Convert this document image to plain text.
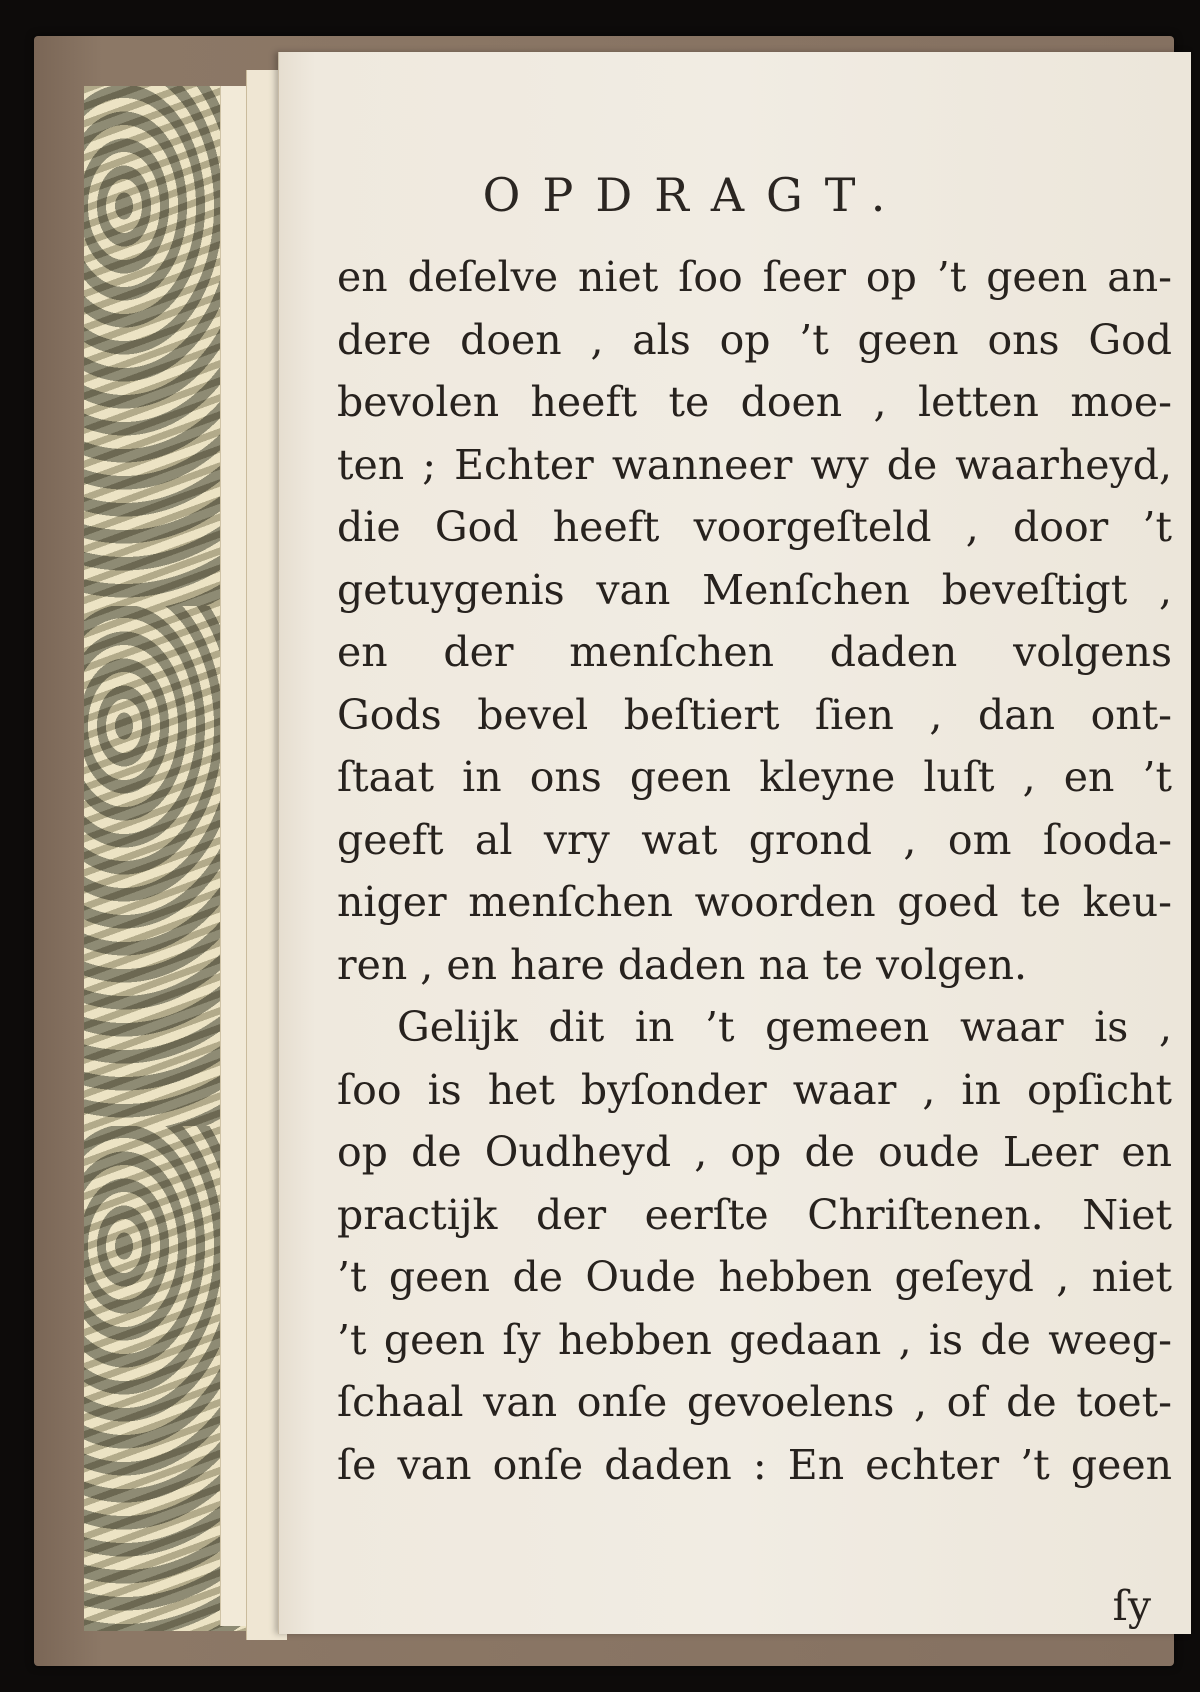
OPDRAGT.
en deſelve niet ſoo ſeer op ’t geen an-
dere doen , als op ’t geen ons God
bevolen heeft te doen , letten moe-
ten ; Echter wanneer wy de waarheyd,
die God heeft voorgeſteld , door ’t
getuygenis van Menſchen beveſtigt ,
en der menſchen daden volgens
Gods bevel beſtiert ſien , dan ont-
ſtaat in ons geen kleyne luſt , en ’t
geeft al vry wat grond , om ſooda-
niger menſchen woorden goed te keu-
ren , en hare daden na te volgen.
Gelijk dit in ’t gemeen waar is ,
ſoo is het byſonder waar , in opſicht
op de Oudheyd , op de oude Leer en
practijk der eerſte Chriſtenen. Niet
’t geen de Oude hebben geſeyd , niet
’t geen ſy hebben gedaan , is de weeg-
ſchaal van onſe gevoelens , of de toet-
ſe van onſe daden : En echter ’t geen
ſy
